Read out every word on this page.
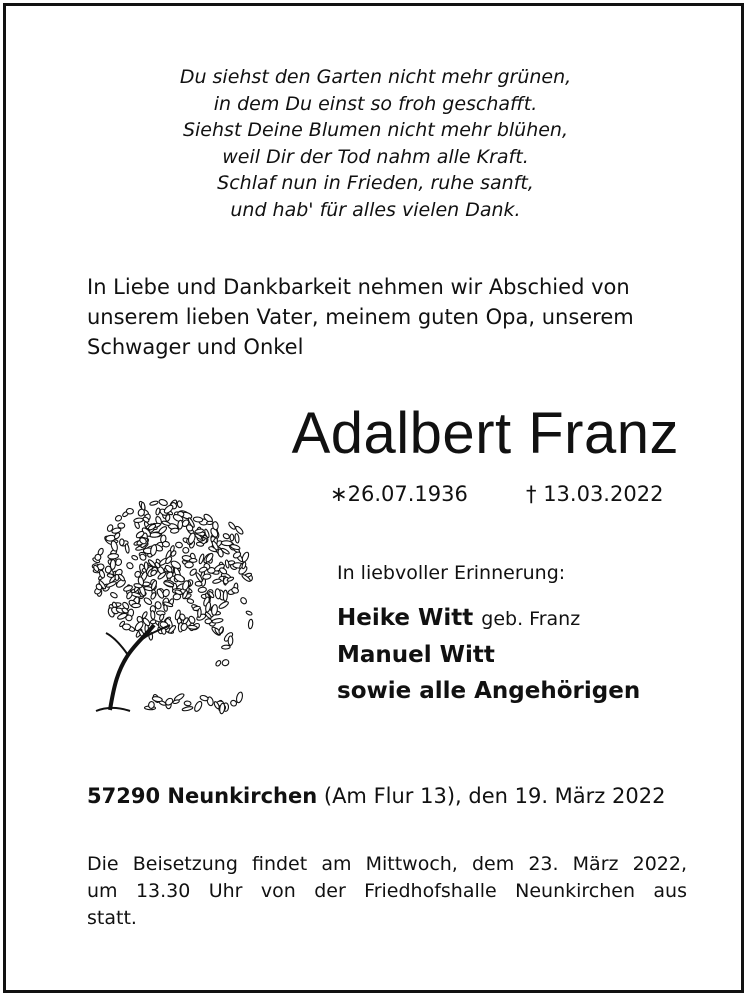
Du siehst den Garten nicht mehr grünen,
in dem Du einst so froh geschafft.
Siehst Deine Blumen nicht mehr blühen,
weil Dir der Tod nahm alle Kraft.
Schlaf nun in Frieden, ruhe sanft,
und hab' für alles vielen Dank.
In Liebe und Dankbarkeit nehmen wir Abschied von
unserem lieben Vater, meinem guten Opa, unserem
Schwager und Onkel
Adalbert Franz
∗26.07.1936	† 13.03.2022
In liebvoller Erinnerung:
Heike Witt geb. Franz
Manuel Witt
sowie alle Angehörigen
57290 Neunkirchen (Am Flur 13), den 19. März 2022
Die Beisetzung findet am Mittwoch, dem 23. März 2022,
um 13.30 Uhr von der Friedhofshalle Neunkirchen aus
statt.
